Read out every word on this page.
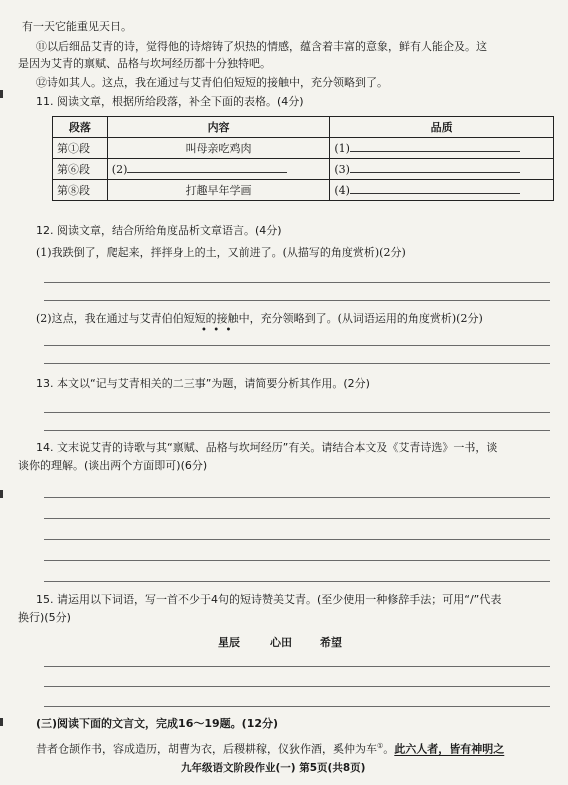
有一天它能重见天日。
⑪以后细品艾青的诗，觉得他的诗熔铸了炽热的情感，蕴含着丰富的意象，鲜有人能企及。这
是因为艾青的禀赋、品格与坎坷经历都十分独特吧。
⑫诗如其人。这点，我在通过与艾青伯伯短短的接触中，充分领略到了。
11. 阅读文章，根据所给段落，补全下面的表格。(4分)
段落	内容	品质
第①段	叫母亲吃鸡肉	(1)
第⑥段	(2)	(3)
第⑧段	打趣早年学画	(4)
12. 阅读文章，结合所给角度品析文章语言。(4分)
(1)我跌倒了，爬起来，拌拌身上的土，又前进了。(从描写的角度赏析)(2分)
(2)这点，我在通过与艾青伯伯短短的接触中，充分领略到了。(从词语运用的角度赏析)(2分)
•  •  •
13. 本文以“记与艾青相关的二三事”为题，请简要分析其作用。(2分)
14. 文末说艾青的诗歌与其“禀赋、品格与坎坷经历”有关。请结合本文及《艾青诗选》一书，谈
谈你的理解。(谈出两个方面即可)(6分)
15. 请运用以下词语，写一首不少于4句的短诗赞美艾青。(至少使用一种修辞手法；可用“/”代表
换行)(5分)
星辰	心田	希望
(三)阅读下面的文言文，完成16～19题。(12分)
昔者仓颉作书，容成造历，胡曹为衣，后稷耕稼，仪狄作酒，奚仲为车①。此六人者，皆有神明之
九年级语文阶段作业(一) 第5页(共8页)
